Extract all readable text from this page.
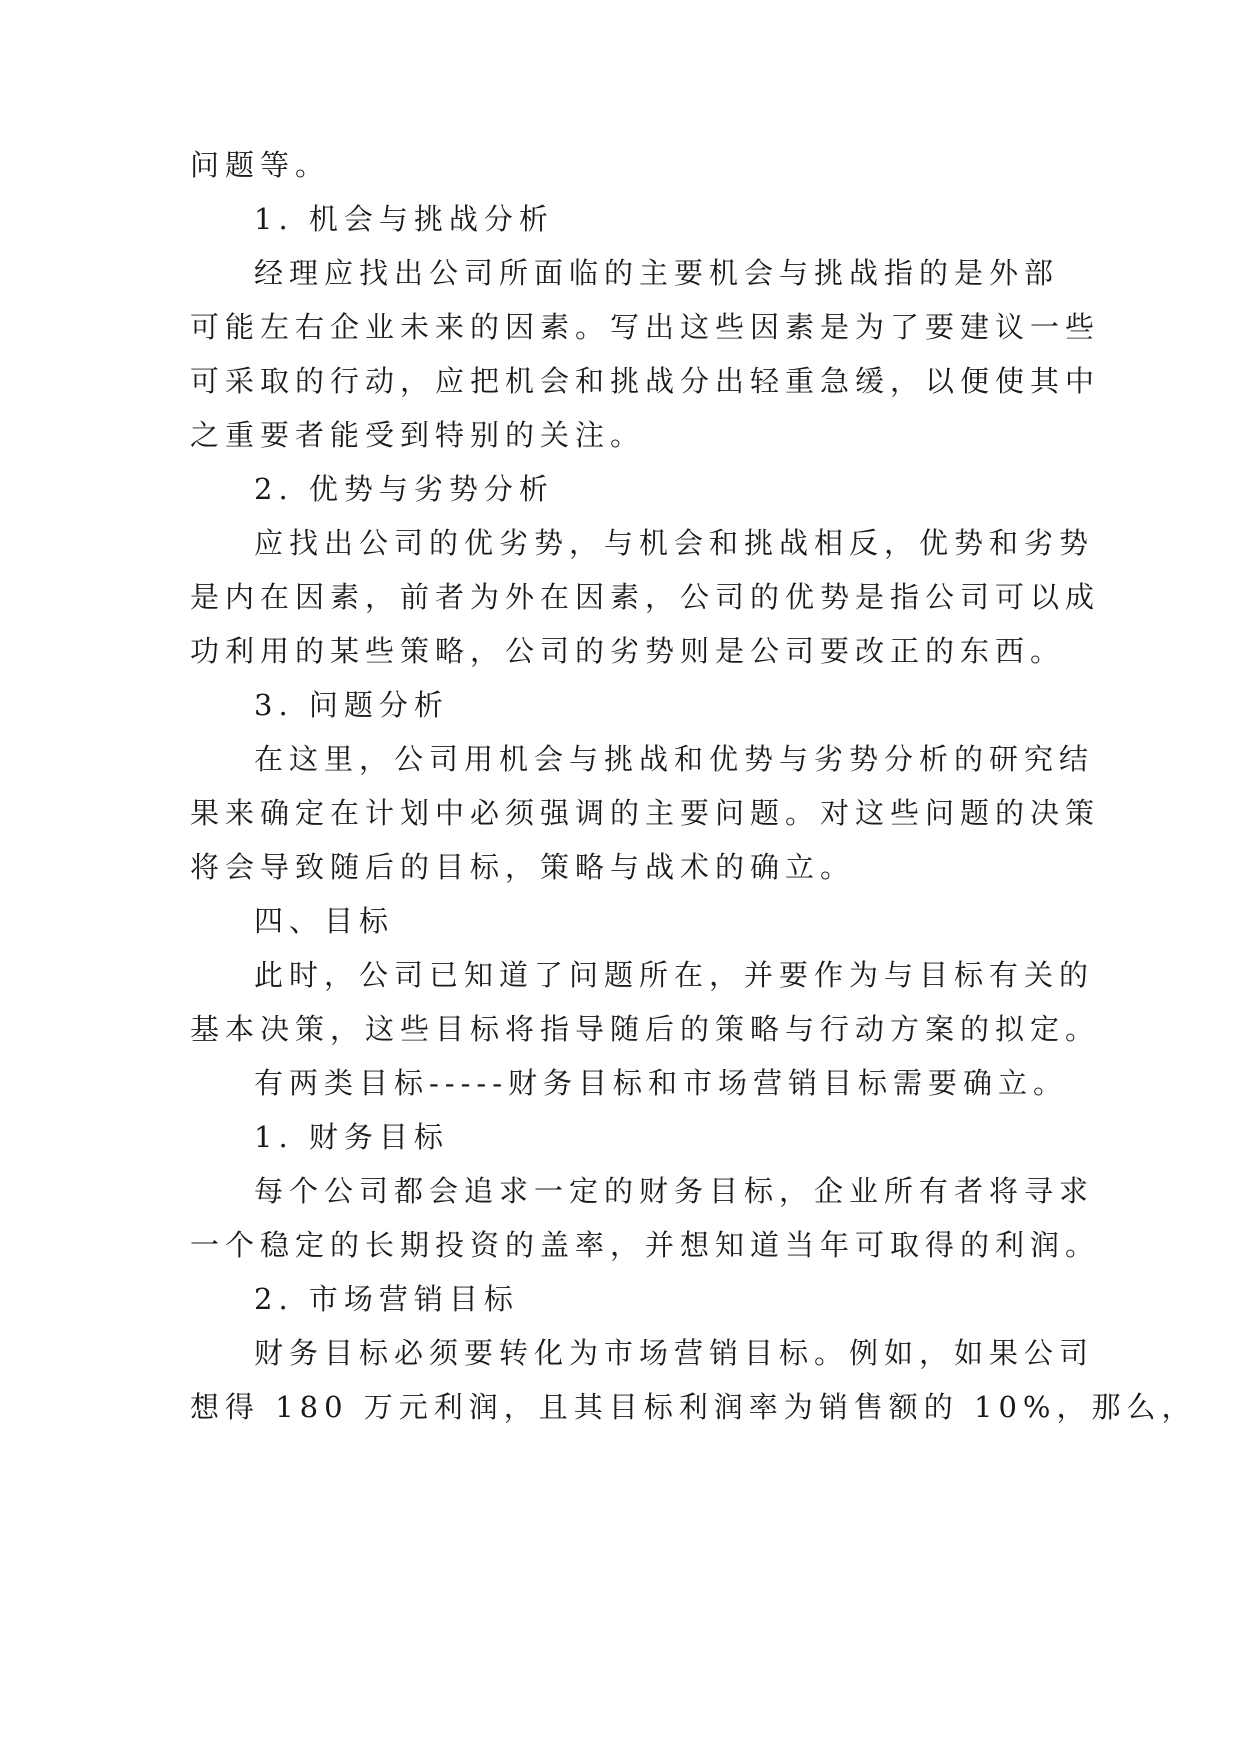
问题等。
1. 机会与挑战分析
经理应找出公司所面临的主要机会与挑战指的是外部
可能左右企业未来的因素。写出这些因素是为了要建议一些
可采取的行动，应把机会和挑战分出轻重急缓，以便使其中
之重要者能受到特别的关注。
2. 优势与劣势分析
应找出公司的优劣势，与机会和挑战相反，优势和劣势
是内在因素，前者为外在因素，公司的优势是指公司可以成
功利用的某些策略，公司的劣势则是公司要改正的东西。
3. 问题分析
在这里，公司用机会与挑战和优势与劣势分析的研究结
果来确定在计划中必须强调的主要问题。对这些问题的决策
将会导致随后的目标，策略与战术的确立。
四、目标
此时，公司已知道了问题所在，并要作为与目标有关的
基本决策，这些目标将指导随后的策略与行动方案的拟定。
有两类目标-----财务目标和市场营销目标需要确立。
1. 财务目标
每个公司都会追求一定的财务目标，企业所有者将寻求
一个稳定的长期投资的盖率，并想知道当年可取得的利润。
2. 市场营销目标
财务目标必须要转化为市场营销目标。例如，如果公司
想得 180 万元利润，且其目标利润率为销售额的 10%，那么，
